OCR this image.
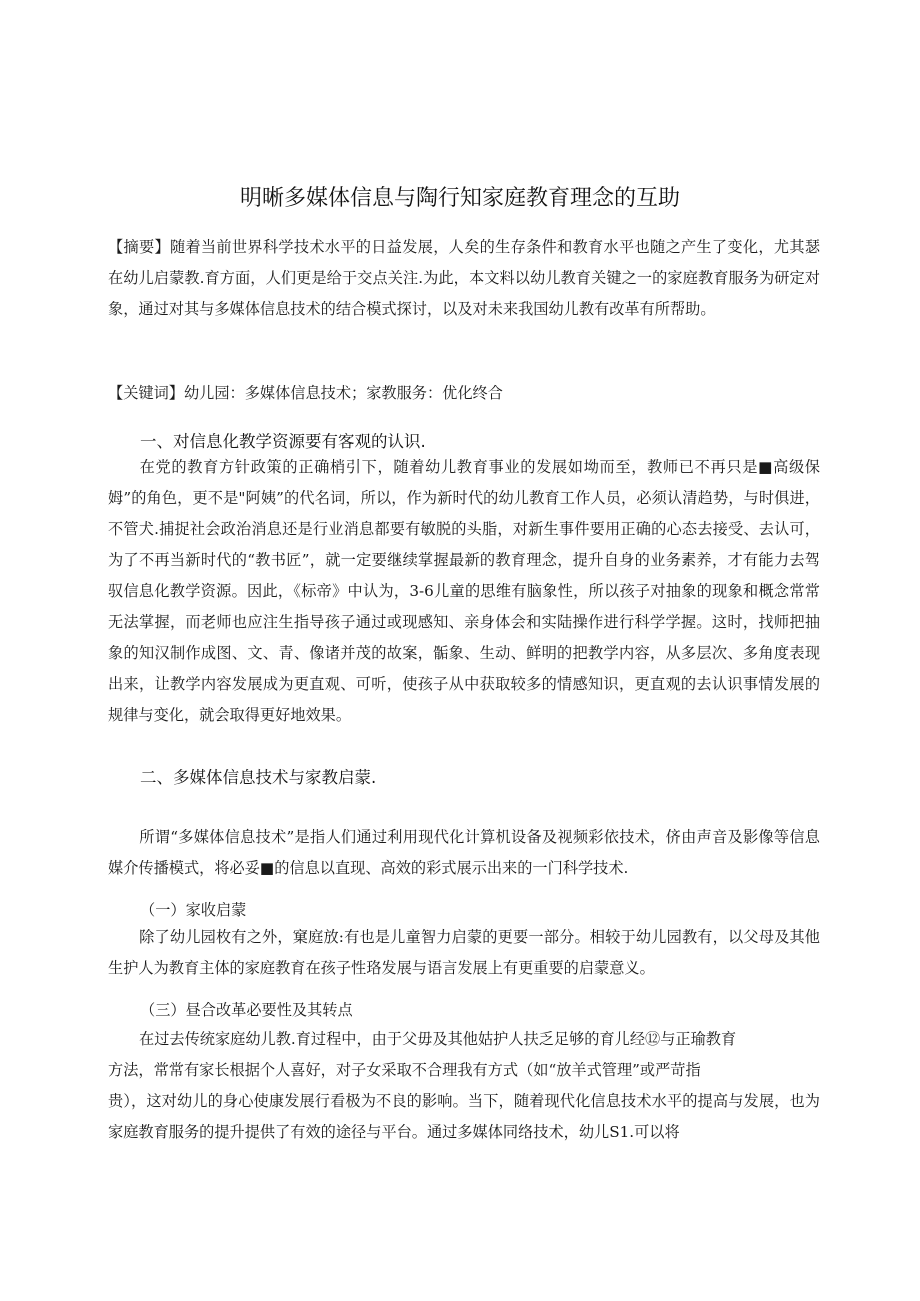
明晰多媒体信息与陶行知家庭教育理念的互助
【摘要】随着当前世界科学技术水平的日益发展，人矣的生存条件和教育水平也随之产生了变化，尤其瑟在幼儿启蒙教.育方面，人们更是给于交点关注.为此，本文料以幼儿教育关键之一的家庭教育服务为研定对象，通过对其与多媒体信息技术的结合模式探讨，以及对未来我国幼儿教有改革有所帮助。
【关键词】幼儿园：多媒体信息技术；家教服务：优化终合
一、对信息化教学资源要有客观的认识.
在党的教育方针政策的正确梢引下，随着幼儿教育事业的发展如坳而至，教师已不再只是■高级保姆”的角色，更不是"阿姨”的代名词，所以，作为新时代的幼儿教育工作人员，必须认清趋势，与时俱进，不管犬.捕捉社会政治消息还是行业消息都要有敏脱的头脂，对新生事件要用正确的心态去接受、去认可，为了不再当新时代的“教书匠”，就一定要继续掌握最新的教育理念，提升自身的业务素养，才有能力去驾驭信息化教学资源。因此，《标帝》中认为，3-6儿童的思维有脑象性，所以孩子对抽象的现象和概念常常无法掌握，而老师也应注生指导孩子通过或现感知、亲身体会和实陆操作进行科学学握。这时，找师把抽象的知汉制作成图、文、青、像诸并茂的故案，骺象、生动、鲜明的把教学内容，从多层次、多角度表现出来，让教学内容发展成为更直观、可听，使孩子从中获取较多的情感知识，更直观的去认识事情发展的规律与变化，就会取得更好地效果。
二、多媒体信息技术与家教启蒙.
所谓“多媒体信息技术”是指人们通过利用现代化计算机设备及视频彩依技术，侪由声音及影像等信息媒介传播模式，将必妥■的信息以直现、高效的彩式展示出来的一门科学技术.
（一）家收启蒙
除了幼儿园枚有之外，窠庭放:有也是儿童智力启蒙的更要一部分。相较于幼儿园教有，以父母及其他生护人为教育主体的家庭教育在孩子性珞发展与语言发展上有更重要的启蒙意义。
（三）昼合改革必要性及其转点
在过去传统家庭幼儿教.育过程中，由于父毋及其他姑护人扶乏足够的育儿经⑫与正瑜教育
方法，常常有家长根据个人喜好，对子女采取不合理我有方式（如“放羊式管理”或严苛指
贵），这对幼儿的身心使康发展行看极为不良的影响。当下，随着现代化信息技术水平的提高与发展，也为家庭教育服务的提升提供了有效的途径与平台。通过多媒体同络技术，幼儿S1.可以将
